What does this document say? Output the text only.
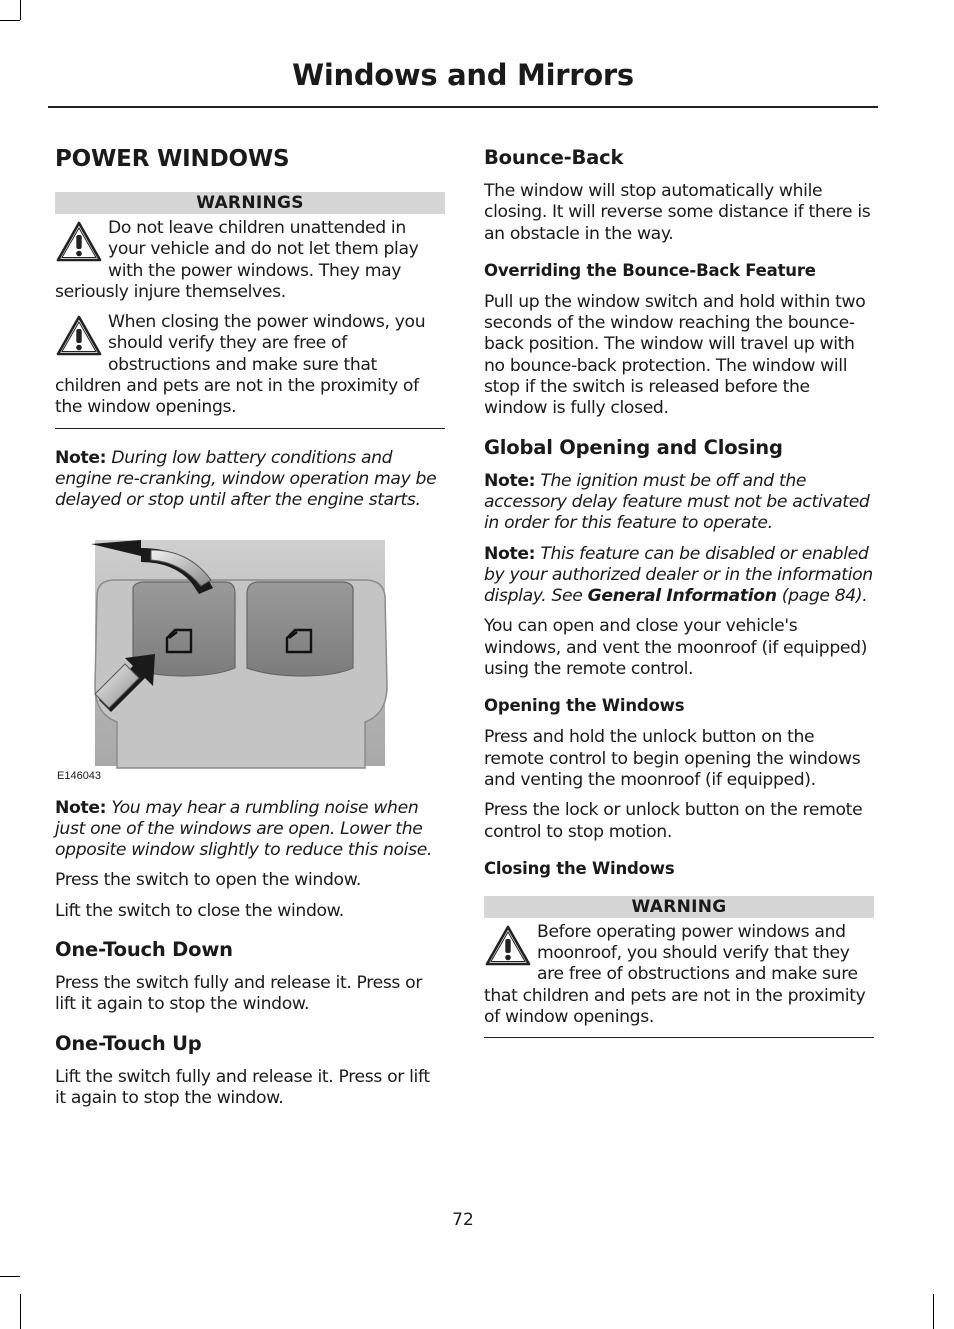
Windows and Mirrors
POWER WINDOWS
WARNINGS

Do not leave children unattended in your vehicle and do not let them play with the power windows. They may seriously injure themselves.

When closing the power windows, you should verify they are free of obstructions and make sure that children and pets are not in the proximity of the window openings.

Note: During low battery conditions and engine re-cranking, window operation may be delayed or stop until after the engine starts.

E146043

Note: You may hear a rumbling noise when just one of the windows are open. Lower the opposite window slightly to reduce this noise.

Press the switch to open the window.

Lift the switch to close the window.

One-Touch Down

Press the switch fully and release it. Press or lift it again to stop the window.

One-Touch Up

Lift the switch fully and release it. Press or lift it again to stop the window.

Bounce-Back

The window will stop automatically while closing. It will reverse some distance if there is an obstacle in the way.

Overriding the Bounce-Back Feature

Pull up the window switch and hold within two seconds of the window reaching the bounce-back position. The window will travel up with no bounce-back protection. The window will stop if the switch is released before the window is fully closed.

Global Opening and Closing

Note: The ignition must be off and the accessory delay feature must not be activated in order for this feature to operate.

Note: This feature can be disabled or enabled by your authorized dealer or in the information display. See General Information (page 84).

You can open and close your vehicle's windows, and vent the moonroof (if equipped) using the remote control.

Opening the Windows

Press and hold the unlock button on the remote control to begin opening the windows and venting the moonroof (if equipped).

Press the lock or unlock button on the remote control to stop motion.

Closing the Windows
WARNING

Before operating power windows and moonroof, you should verify that they are free of obstructions and make sure that children and pets are not in the proximity of window openings.

72
